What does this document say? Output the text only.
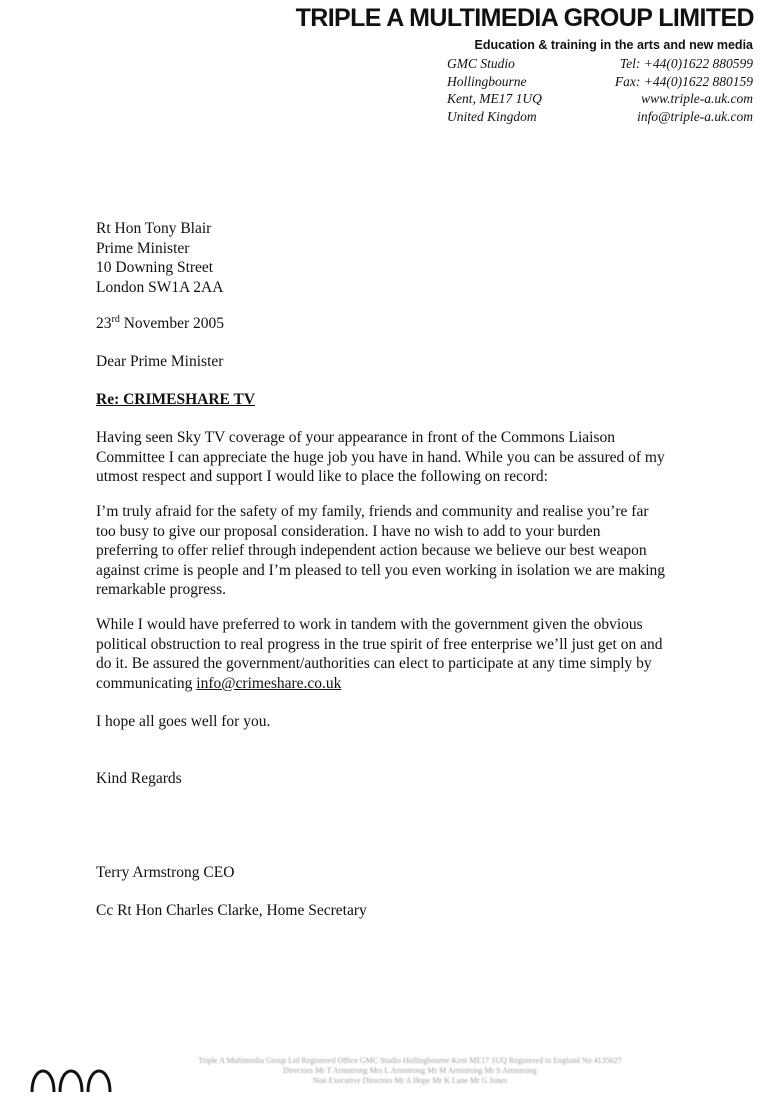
TRIPLE A MULTIMEDIA GROUP LIMITED
Education & training in the arts and new media
GMC Studio
Hollingbourne
Kent, ME17 1UQ
United Kingdom
Tel: +44(0)1622 880599
Fax: +44(0)1622 880159
www.triple-a.uk.com
info@triple-a.uk.com
Rt Hon Tony Blair
Prime Minister
10 Downing Street
London SW1A 2AA
23rd November 2005
Dear Prime Minister
Re: CRIMESHARE TV

Having seen Sky TV coverage of your appearance in front of the Commons Liaison Committee I can appreciate the huge job you have in hand. While you can be assured of my utmost respect and support I would like to place the following on record:

I’m truly afraid for the safety of my family, friends and community and realise you’re far too busy to give our proposal consideration. I have no wish to add to your burden preferring to offer relief through independent action because we believe our best weapon against crime is people and I’m pleased to tell you even working in isolation we are making remarkable progress.

While I would have preferred to work in tandem with the government given the obvious political obstruction to real progress in the true spirit of free enterprise we’ll just get on and do it. Be assured the government/authorities can elect to participate at any time simply by communicating info@crimeshare.co.uk

I hope all goes well for you.

Kind Regards
Terry Armstrong CEO
Cc Rt Hon Charles Clarke, Home Secretary
Triple A Multimedia Group Ltd Registered Office GMC Studio Hollingbourne Kent ME17 1UQ Registered in England No 4135627
Directors Mr T Armstrong Mrs L Armstrong Mr M Armstrong Mr S Armstrong
Non Executive Directors Mr A Hope Mr K Lane Mr G Jones
